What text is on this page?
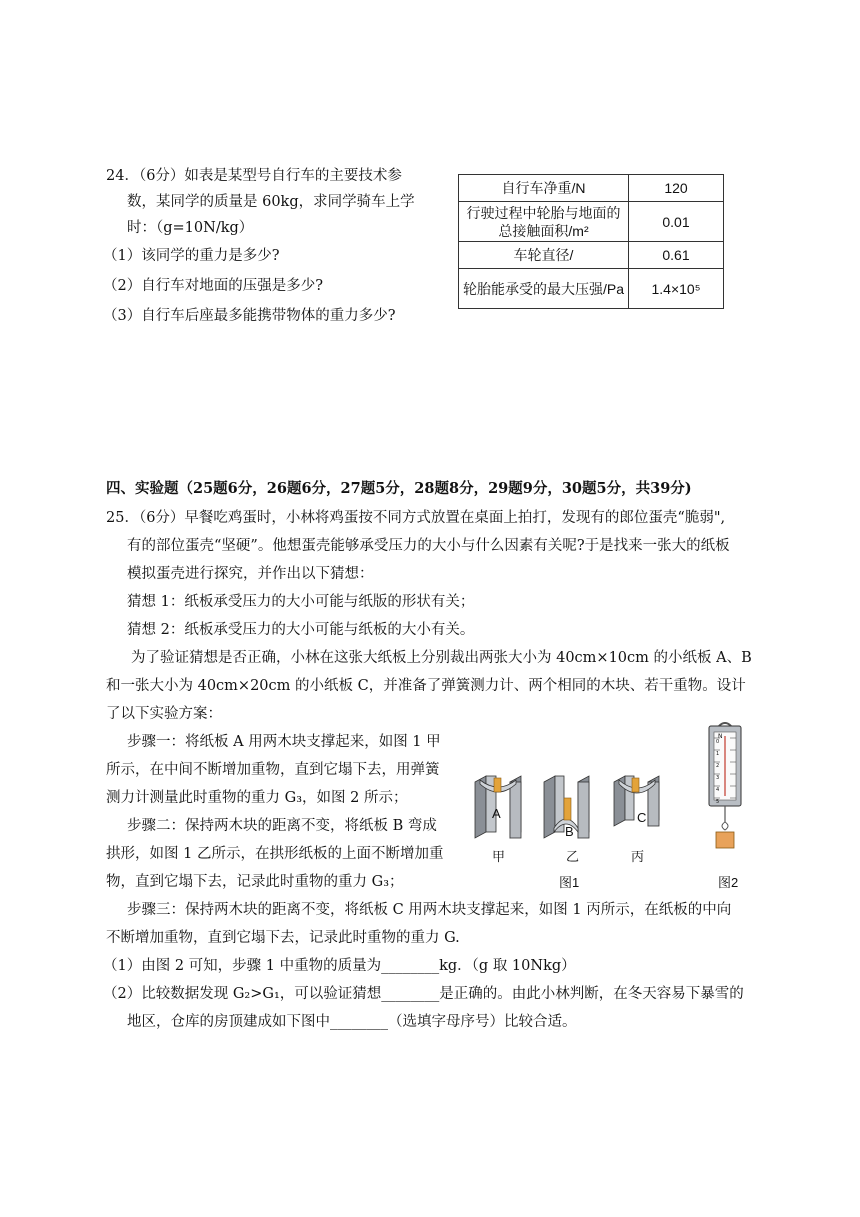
24．（6分）如表是某型号自行车的主要技术参
数，某同学的质量是 60kg，求同学骑车上学
时：（g=10N/kg）
（1）该同学的重力是多少?
（2）自行车对地面的压强是多少?
（3）自行车后座最多能携带物体的重力多少?
自行车净重/N	120
行驶过程中轮胎与地面的总接触面积/m²	0.01
车轮直径/	0.61
轮胎能承受的最大压强/Pa	1.4×10⁵
四、实验题（25题6分，26题6分，27题5分，28题8分，29题9分，30题5分，共39分)
25．（6分）早餐吃鸡蛋时，小林将鸡蛋按不同方式放置在桌面上拍打，发现有的郎位蛋壳“脆弱",
有的部位蛋壳“坚硬”。他想蛋壳能够承受压力的大小与什么因素有关呢?于是找来一张大的纸板
模拟蛋壳进行探究，并作出以下猜想：
猜想 1：纸板承受压力的大小可能与纸版的形状有关；
猜想 2：纸板承受压力的大小可能与纸板的大小有关。
为了验证猜想是否正确，小林在这张大纸板上分别裁出两张大小为 40cm×10cm 的小纸板 A、B
和一张大小为 40cm×20cm 的小纸板 C，并准备了弹簧测力计、两个相同的木块、若干重物。设计
了以下实验方案：
步骤一：将纸板 A 用两木块支撑起来，如图 1 甲
所示，在中间不断增加重物，直到它塌下去，用弹簧
测力计测量此时重物的重力 G₃，如图 2 所示；
步骤二：保持两木块的距离不变，将纸板 B 弯成
拱形，如图 1 乙所示，在拱形纸板的上面不断增加重
物，直到它塌下去，记录此时重物的重力 G₃；
步骤三：保持两木块的距离不变，将纸板 C 用两木块支撑起来，如图 1 丙所示，在纸板的中向
不断增加重物，直到它塌下去，记录此时重物的重力 G.
（1）由图 2 可知，步骤 1 中重物的质量为________kg．（g 取 10Nkg）
（2）比较数据发现 G₂>G₁，可以验证猜想________是正确的。由此小林判断，在冬天容易下暴雪的
地区，仓库的房顶建成如下图中________（选填字母序号）比较合适。
A
B
C
甲	乙	丙
图1
N
0
1
2
3
4
5
图2
